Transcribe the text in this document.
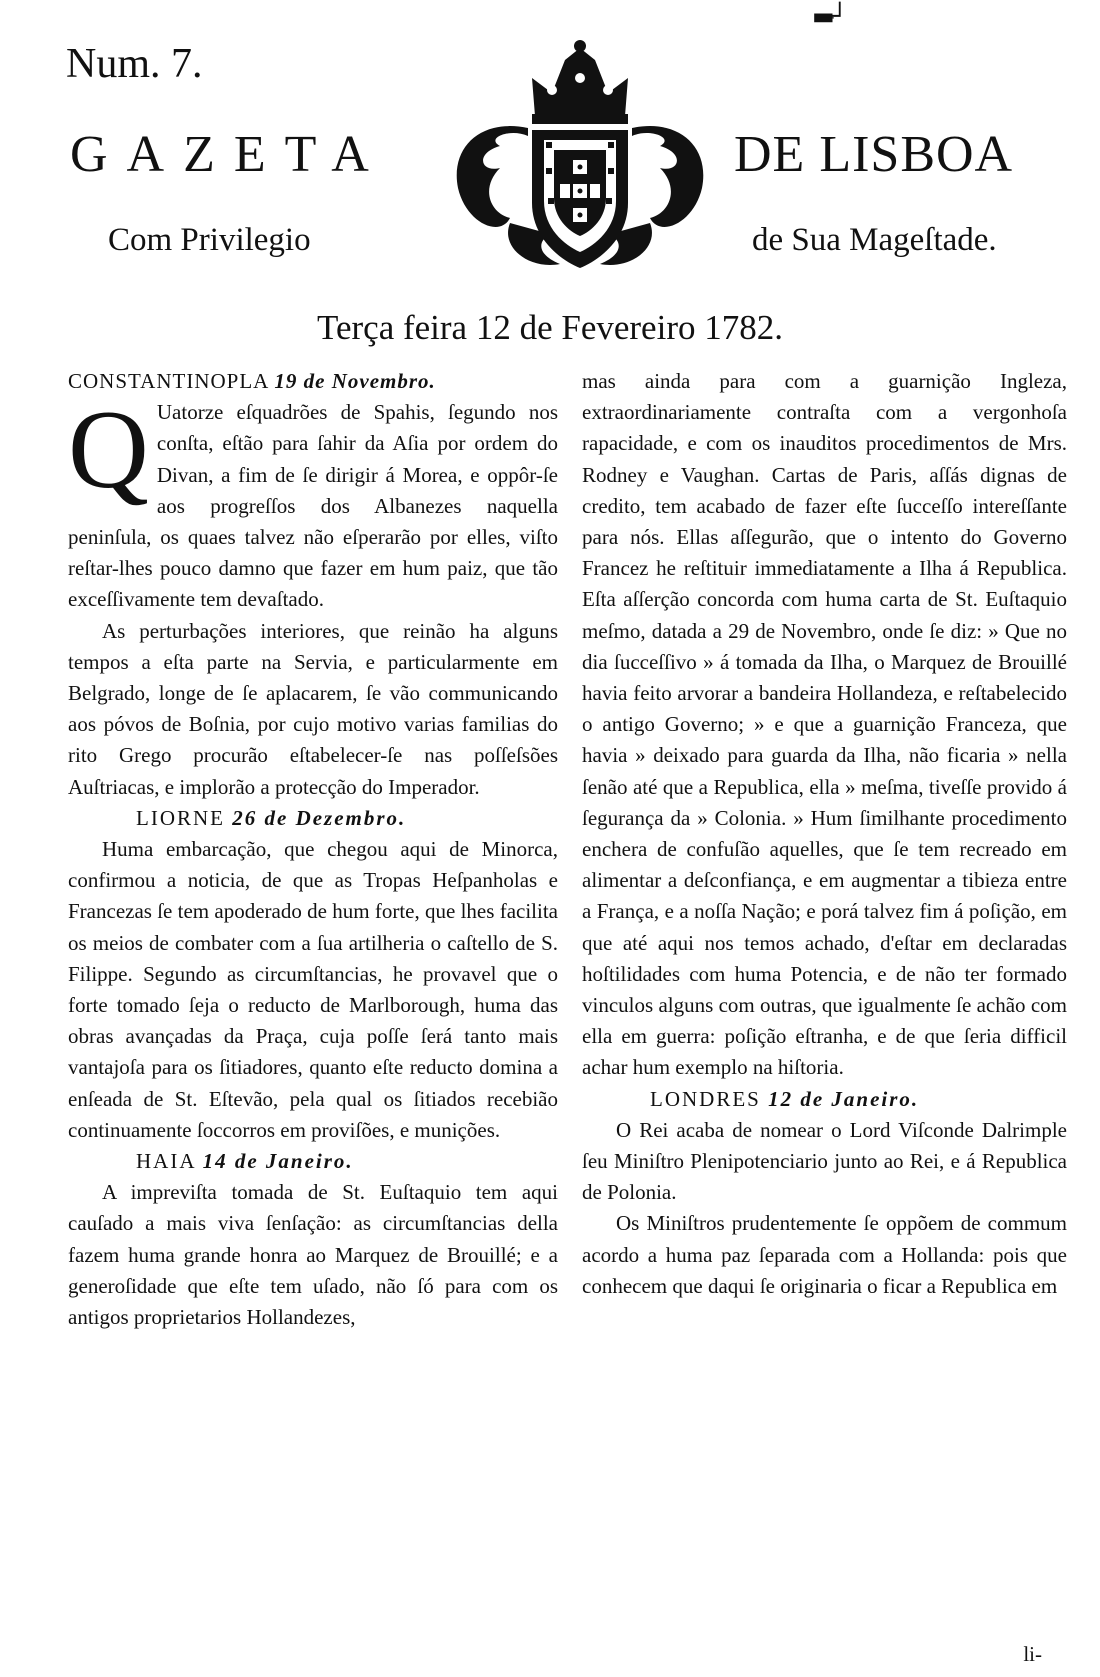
▬̶┘
Num. 7.
GAZETA	DE LISBOA
Com Privilegio	de Sua Mageſtade.
Terça feira 12 de Fevereiro 1782.

CONSTANTINOPLA 19 de Novembro.

Q Uatorze eſquadrões de Spahis, ſegundo nos conſta, eſtão para ſahir da Aſia por ordem do Divan, a fim de ſe dirigir á Morea, e oppôr-ſe aos progreſſos dos Albanezes naquella peninſula, os quaes talvez não eſperarão por elles, viſto reſtar-lhes pouco damno que fazer em hum paiz, que tão exceſſivamente tem devaſtado.

As perturbações interiores, que reinão ha alguns tempos a eſta parte na Servia, e particularmente em Belgrado, longe de ſe aplacarem, ſe vão communicando aos póvos de Boſnia, por cujo motivo varias familias do rito Grego procurão eſtabelecer-ſe nas poſſeſsões Auſtriacas, e implorão a protecção do Imperador.

LIORNE 26 de Dezembro.

Huma embarcação, que chegou aqui de Minorca, confirmou a noticia, de que as Tropas Heſpanholas e Francezas ſe tem apoderado de hum forte, que lhes facilita os meios de combater com a ſua artilheria o caſtello de S. Filippe. Segundo as circumſtancias, he provavel que o forte tomado ſeja o reducto de Marlborough, huma das obras avançadas da Praça, cuja poſſe ſerá tanto mais vantajoſa para os ſitiadores, quanto eſte reducto domina a enſeada de St. Eſtevão, pela qual os ſitiados recebião continuamente ſoccorros em proviſões, e munições.

HAIA 14 de Janeiro.

A impreviſta tomada de St. Euſtaquio tem aqui cauſado a mais viva ſenſação: as circumſtancias della fazem huma grande honra ao Marquez de Brouillé; e a generoſidade que eſte tem uſado, não ſó para com os antigos proprietarios Hollandezes,

mas ainda para com a guarnição Ingleza, extraordinariamente contraſta com a vergonhoſa rapacidade, e com os inauditos procedimentos de Mrs. Rodney e Vaughan. Cartas de Paris, aſſás dignas de credito, tem acabado de fazer eſte ſucceſſo intereſſante para nós. Ellas aſſegurão, que o intento do Governo Francez he reſtituir immediatamente a Ilha á Republica. Eſta aſſerção concorda com huma carta de St. Euſtaquio meſmo, datada a 29 de Novembro, onde ſe diz: » Que no dia ſucceſſivo » á tomada da Ilha, o Marquez de Brouillé havia feito arvorar a bandeira Hollandeza, e reſtabelecido o antigo Governo; » e que a guarnição Franceza, que havia » deixado para guarda da Ilha, não ficaria » nella ſenão até que a Republica, ella » meſma, tiveſſe provido á ſegurança da » Colonia. » Hum ſimilhante procedimento enchera de confuſão aquelles, que ſe tem recreado em alimentar a deſconfiança, e em augmentar a tibieza entre a França, e a noſſa Nação; e porá talvez fim á poſição, em que até aqui nos temos achado, d'eſtar em declaradas hoſtilidades com huma Potencia, e de não ter formado vinculos alguns com outras, que igualmente ſe achão com ella em guerra: poſição eſtranha, e de que ſeria difficil achar hum exemplo na hiſtoria.

LONDRES 12 de Janeiro.

O Rei acaba de nomear o Lord Viſconde Dalrimple ſeu Miniſtro Plenipotenciario junto ao Rei, e á Republica de Polonia.

Os Miniſtros prudentemente ſe oppõem de commum acordo a huma paz ſeparada com a Hollanda: pois que conhecem que daqui ſe originaria o ficar a Republica em

li-
